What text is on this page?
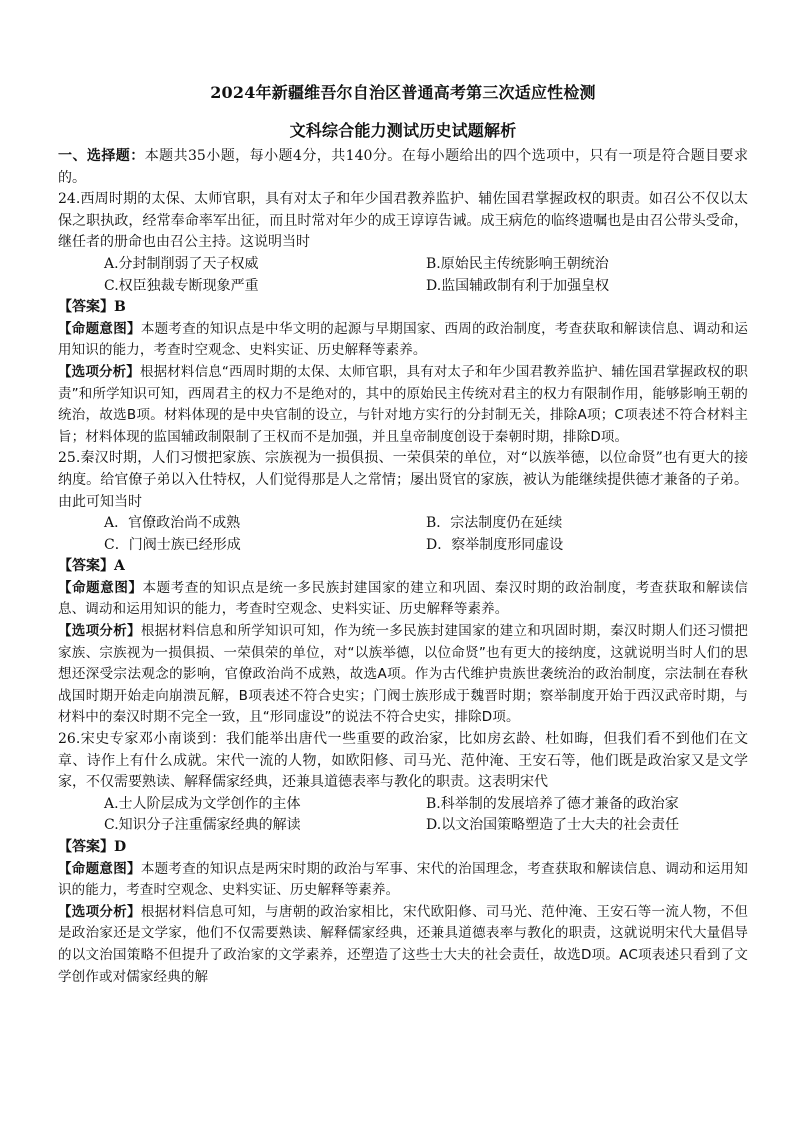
2024年新疆维吾尔自治区普通高考第三次适应性检测

文科综合能力测试历史试题解析

一、选择题：本题共35小题，每小题4分，共140分。在每小题给出的四个选项中，只有一项是符合题目要求的。

24.西周时期的太保、太师官职，具有对太子和年少国君教养监护、辅佐国君掌握政权的职责。如召公不仅以太保之职执政，经常奉命率军出征，而且时常对年少的成王谆谆告诫。成王病危的临终遗嘱也是由召公带头受命，继任者的册命也由召公主持。这说明当时

A.分封制削弱了天子权威	B.原始民主传统影响王朝统治
C.权臣独裁专断现象严重	D.监国辅政制有利于加强皇权

【答案】B

【命题意图】本题考查的知识点是中华文明的起源与早期国家、西周的政治制度，考查获取和解读信息、调动和运用知识的能力，考查时空观念、史料实证、历史解释等素养。

【选项分析】根据材料信息“西周时期的太保、太师官职，具有对太子和年少国君教养监护、辅佐国君掌握政权的职责”和所学知识可知，西周君主的权力不是绝对的，其中的原始民主传统对君主的权力有限制作用，能够影响王朝的统治，故选B项。材料体现的是中央官制的设立，与针对地方实行的分封制无关，排除A项；C项表述不符合材料主旨；材料体现的监国辅政制限制了王权而不是加强，并且皇帝制度创设于秦朝时期，排除D项。

25.秦汉时期，人们习惯把家族、宗族视为一损俱损、一荣俱荣的单位，对“以族举德，以位命贤”也有更大的接纳度。给官僚子弟以入仕特权，人们觉得那是人之常情；屡出贤官的家族，被认为能继续提供德才兼备的子弟。由此可知当时

A．官僚政治尚不成熟	B．宗法制度仍在延续
C．门阀士族已经形成	D．察举制度形同虚设

【答案】A

【命题意图】本题考查的知识点是统一多民族封建国家的建立和巩固、秦汉时期的政治制度，考查获取和解读信息、调动和运用知识的能力，考查时空观念、史料实证、历史解释等素养。

【选项分析】根据材料信息和所学知识可知，作为统一多民族封建国家的建立和巩固时期，秦汉时期人们还习惯把家族、宗族视为一损俱损、一荣俱荣的单位，对“以族举德，以位命贤”也有更大的接纳度，这就说明当时人们的思想还深受宗法观念的影响，官僚政治尚不成熟，故选A项。作为古代维护贵族世袭统治的政治制度，宗法制在春秋战国时期开始走向崩溃瓦解，B项表述不符合史实；门阀士族形成于魏晋时期；察举制度开始于西汉武帝时期，与材料中的秦汉时期不完全一致，且“形同虚设”的说法不符合史实，排除D项。

26.宋史专家邓小南谈到：我们能举出唐代一些重要的政治家，比如房玄龄、杜如晦，但我们看不到他们在文章、诗作上有什么成就。宋代一流的人物，如欧阳修、司马光、范仲淹、王安石等，他们既是政治家又是文学家，不仅需要熟读、解释儒家经典，还兼具道德表率与教化的职责。这表明宋代

A.士人阶层成为文学创作的主体	B.科举制的发展培养了德才兼备的政治家
C.知识分子注重儒家经典的解读	D.以文治国策略塑造了士大夫的社会责任

【答案】D

【命题意图】本题考查的知识点是两宋时期的政治与军事、宋代的治国理念，考查获取和解读信息、调动和运用知识的能力，考查时空观念、史料实证、历史解释等素养。

【选项分析】根据材料信息可知，与唐朝的政治家相比，宋代欧阳修、司马光、范仲淹、王安石等一流人物，不但是政治家还是文学家，他们不仅需要熟读、解释儒家经典，还兼具道德表率与教化的职责，这就说明宋代大量倡导的以文治国策略不但提升了政治家的文学素养，还塑造了这些士大夫的社会责任，故选D项。AC项表述只看到了文学创作或对儒家经典的解
